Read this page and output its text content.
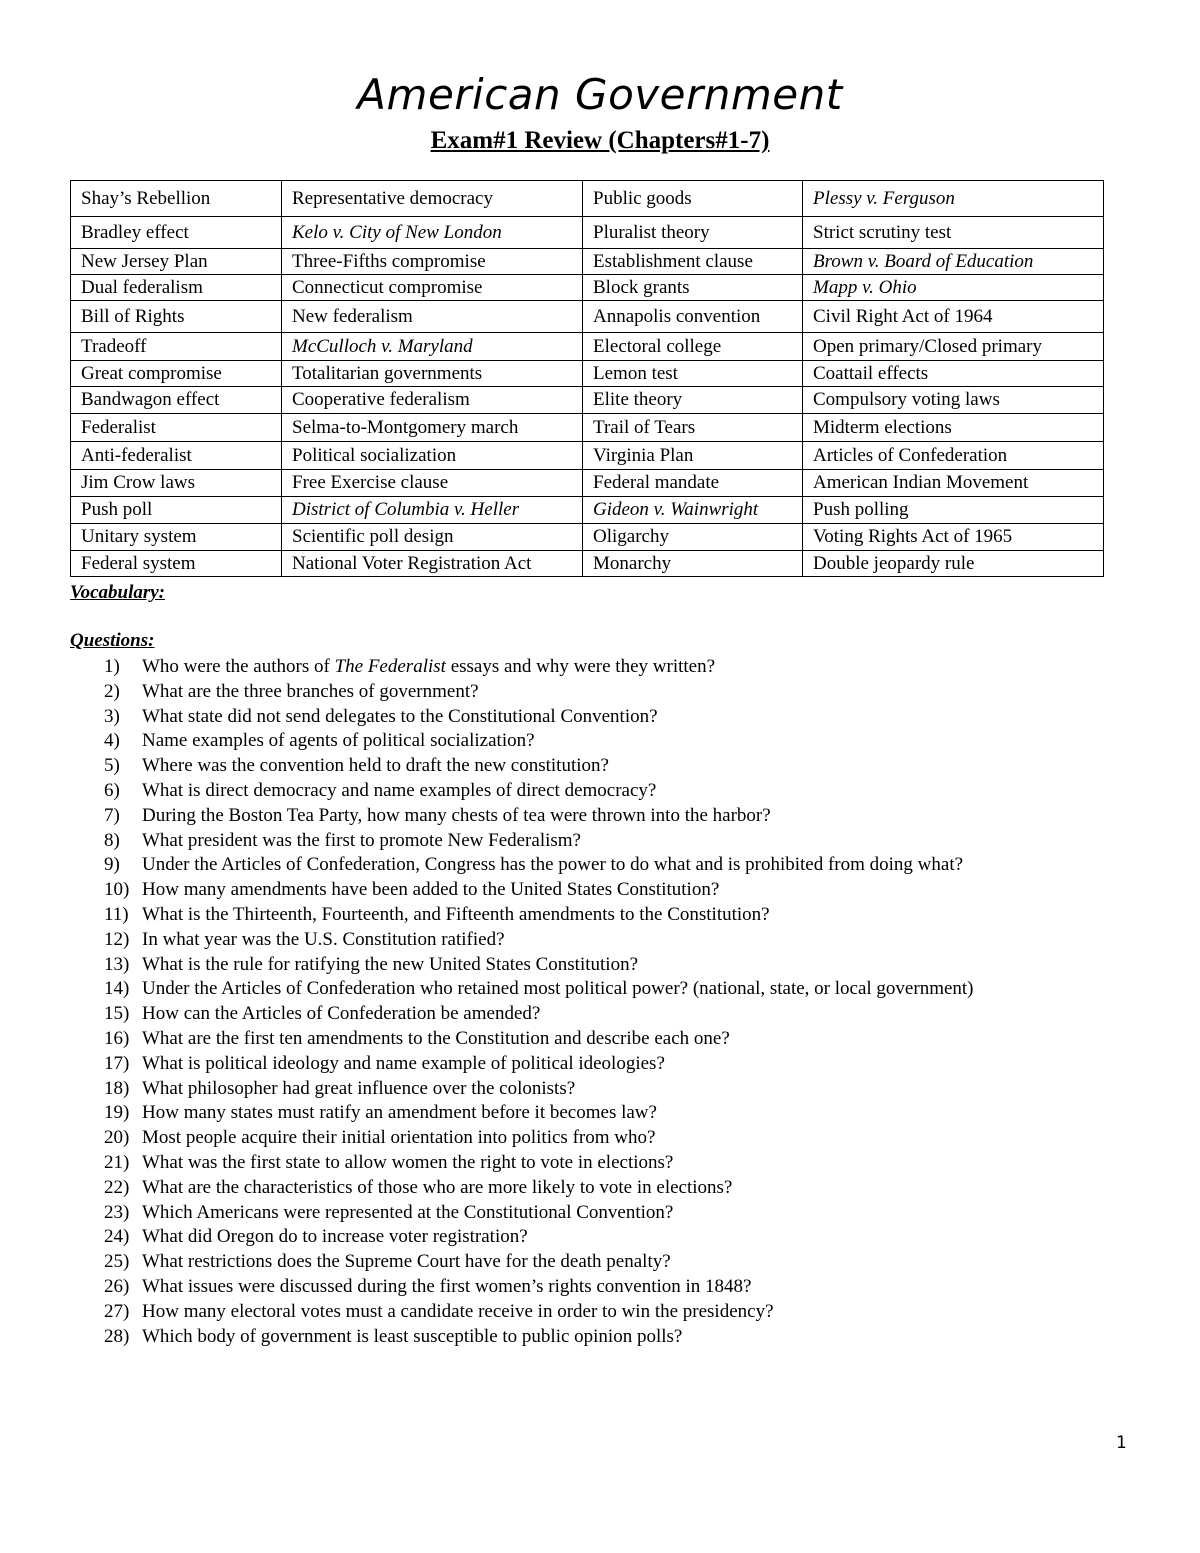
American Government
Exam#1 Review (Chapters#1-7)
Shay’s Rebellion	Representative democracy	Public goods	Plessy v. Ferguson
Bradley effect	Kelo v. City of New London	Pluralist theory	Strict scrutiny test
New Jersey Plan	Three-Fifths compromise	Establishment clause	Brown v. Board of Education
Dual federalism	Connecticut compromise	Block grants	Mapp v. Ohio
Bill of Rights	New federalism	Annapolis convention	Civil Right Act of 1964
Tradeoff	McCulloch v. Maryland	Electoral college	Open primary/Closed primary
Great compromise	Totalitarian governments	Lemon test	Coattail effects
Bandwagon effect	Cooperative federalism	Elite theory	Compulsory voting laws
Federalist	Selma-to-Montgomery march	Trail of Tears	Midterm elections
Anti-federalist	Political socialization	Virginia Plan	Articles of Confederation
Jim Crow laws	Free Exercise clause	Federal mandate	American Indian Movement
Push poll	District of Columbia v. Heller	Gideon v. Wainwright	Push polling
Unitary system	Scientific poll design	Oligarchy	Voting Rights Act of 1965
Federal system	National Voter Registration Act	Monarchy	Double jeopardy rule
Vocabulary:
Questions:
1)	Who were the authors of The Federalist essays and why were they written?
2)	What are the three branches of government?
3)	What state did not send delegates to the Constitutional Convention?
4)	Name examples of agents of political socialization?
5)	Where was the convention held to draft the new constitution?
6)	What is direct democracy and name examples of direct democracy?
7)	During the Boston Tea Party, how many chests of tea were thrown into the harbor?
8)	What president was the first to promote New Federalism?
9)	Under the Articles of Confederation, Congress has the power to do what and is prohibited from doing what?
10) How many amendments have been added to the United States Constitution?
11) What is the Thirteenth, Fourteenth, and Fifteenth amendments to the Constitution?
12) In what year was the U.S. Constitution ratified?
13) What is the rule for ratifying the new United States Constitution?
14) Under the Articles of Confederation who retained most political power? (national, state, or local government)
15) How can the Articles of Confederation be amended?
16) What are the first ten amendments to the Constitution and describe each one?
17) What is political ideology and name example of political ideologies?
18) What philosopher had great influence over the colonists?
19) How many states must ratify an amendment before it becomes law?
20) Most people acquire their initial orientation into politics from who?
21) What was the first state to allow women the right to vote in elections?
22) What are the characteristics of those who are more likely to vote in elections?
23) Which Americans were represented at the Constitutional Convention?
24) What did Oregon do to increase voter registration?
25) What restrictions does the Supreme Court have for the death penalty?
26) What issues were discussed during the first women’s rights convention in 1848?
27) How many electoral votes must a candidate receive in order to win the presidency?
28) Which body of government is least susceptible to public opinion polls?
1
